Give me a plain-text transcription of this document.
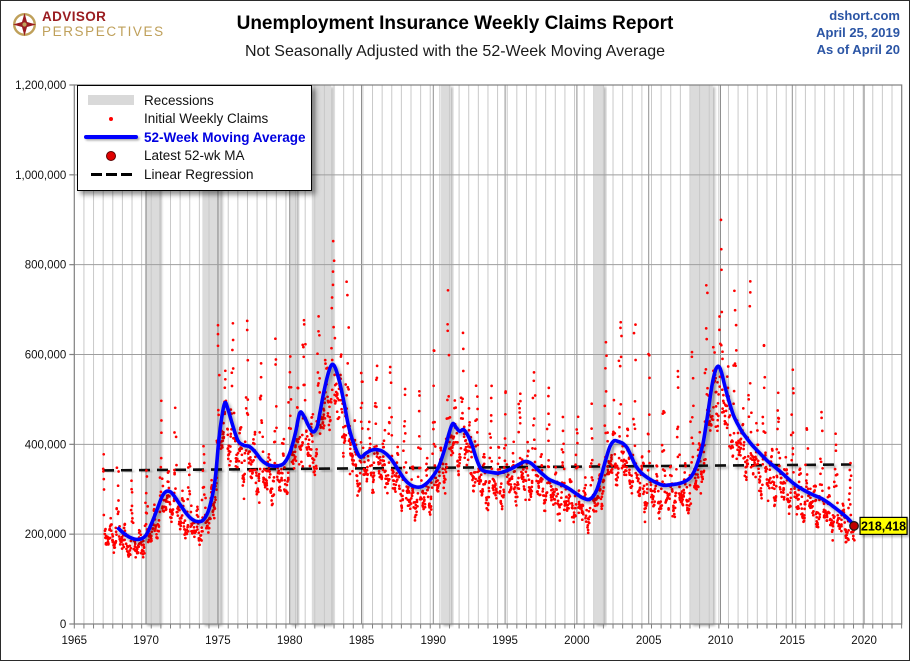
ADVISOR
PERSPECTIVES	Unemployment Insurance Weekly Claims Report
Not Seasonally Adjusted with the 52-Week Moving Average
dshort.com
April 25, 2019
As of April 20
0
200,000
400,000
600,000
800,000
1,000,000
1,200,000
1965	1970	1975	1980	1985	1990	1995	2000	2005	2010	2015	2020
218,418
Recessions
Initial Weekly Claims
52-Week Moving Average
Latest 52-wk MA
Linear Regression
